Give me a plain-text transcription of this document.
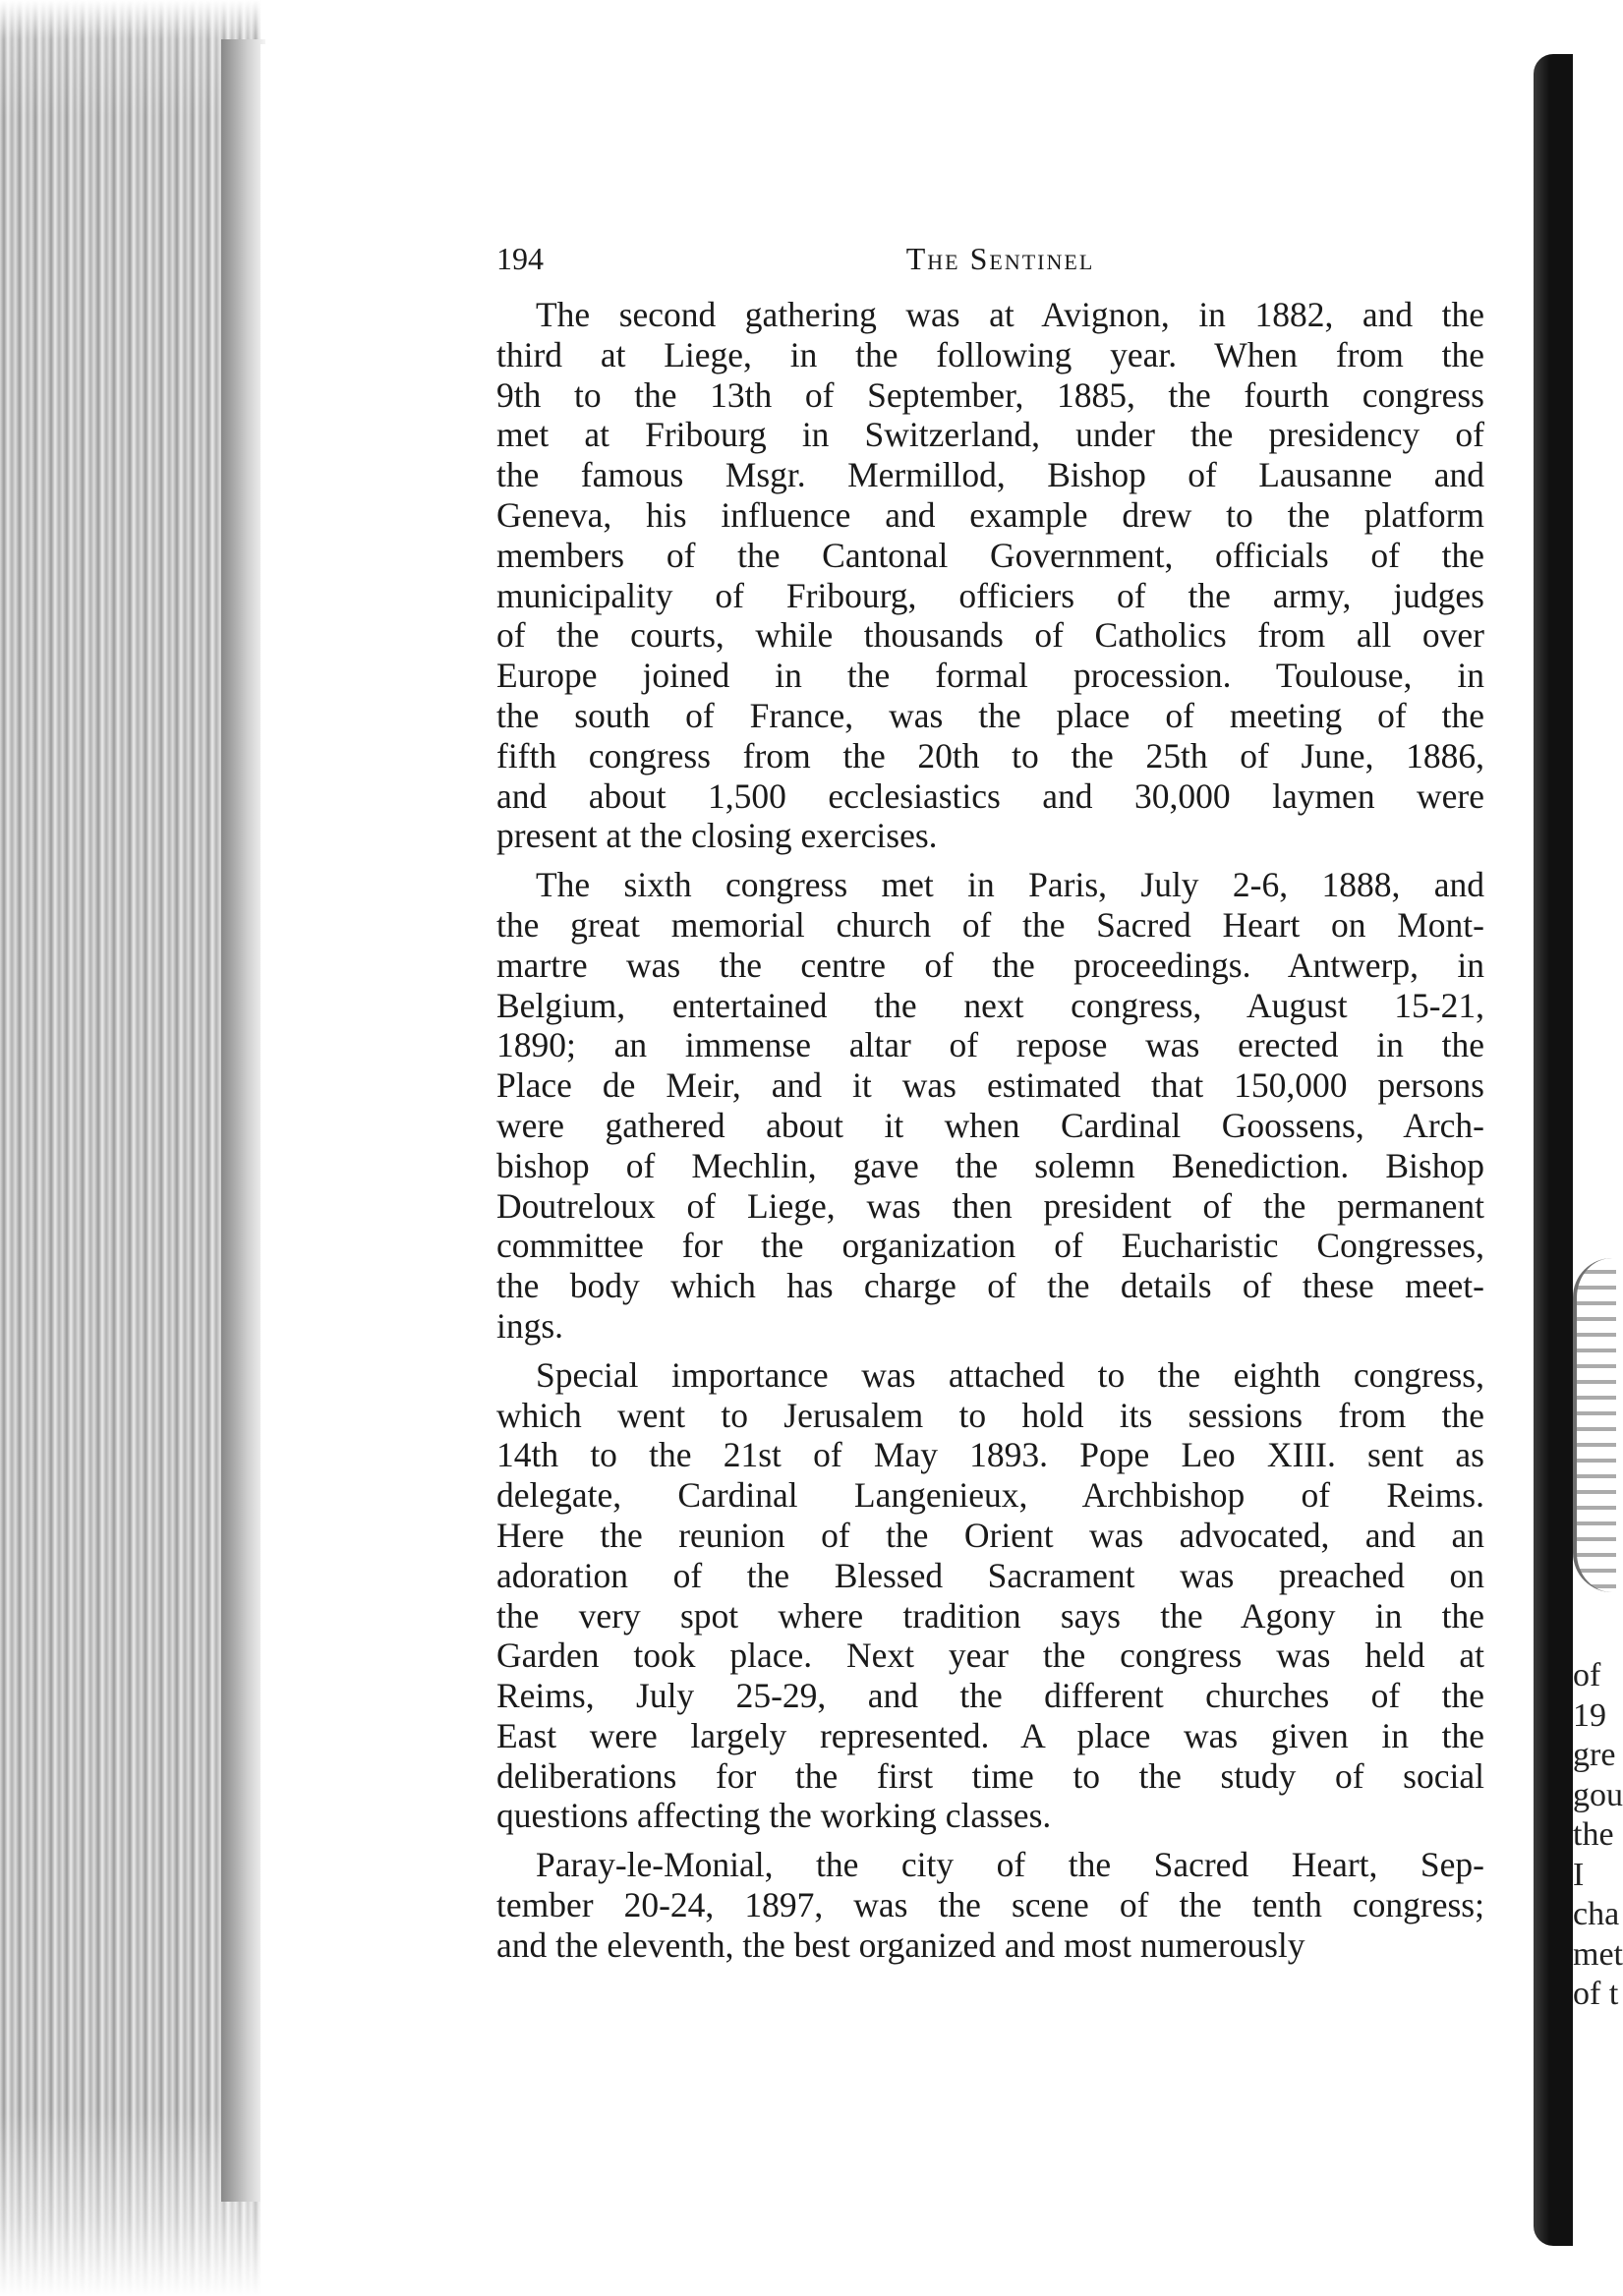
194	The Sentinel
The second gathering was at Avignon, in 1882, and the
third at Liege, in the following year. When from the
9th to the 13th of September, 1885, the fourth congress
met at Fribourg in Switzerland, under the presidency of
the famous Msgr. Mermillod, Bishop of Lausanne and
Geneva, his influence and example drew to the platform
members of the Cantonal Government, officials of the
municipality of Fribourg, officiers of the army, judges
of the courts, while thousands of Catholics from all over
Europe joined in the formal procession. Toulouse, in
the south of France, was the place of meeting of the
fifth congress from the 20th to the 25th of June, 1886,
and about 1,500 ecclesiastics and 30,000 laymen were
present at the closing exercises.
The sixth congress met in Paris, July 2-6, 1888, and
the great memorial church of the Sacred Heart on Mont-
martre was the centre of the proceedings. Antwerp, in
Belgium, entertained the next congress, August 15-21,
1890; an immense altar of repose was erected in the
Place de Meir, and it was estimated that 150,000 persons
were gathered about it when Cardinal Goossens, Arch-
bishop of Mechlin, gave the solemn Benediction. Bishop
Doutreloux of Liege, was then president of the permanent
committee for the organization of Eucharistic Congresses,
the body which has charge of the details of these meet-
ings.
Special importance was attached to the eighth congress,
which went to Jerusalem to hold its sessions from the
14th to the 21st of May 1893. Pope Leo XIII. sent as
delegate, Cardinal Langenieux, Archbishop of Reims.
Here the reunion of the Orient was advocated, and an
adoration of the Blessed Sacrament was preached on
the very spot where tradition says the Agony in the
Garden took place. Next year the congress was held at
Reims, July 25-29, and the different churches of the
East were largely represented. A place was given in the
deliberations for the first time to the study of social
questions affecting the working classes.
Paray-le-Monial, the city of the Sacred Heart, Sep-
tember 20-24, 1897, was the scene of the tenth congress;
and the eleventh, the best organized and most numerously
of
19
gre
gou
the
I
cha
met
of t
